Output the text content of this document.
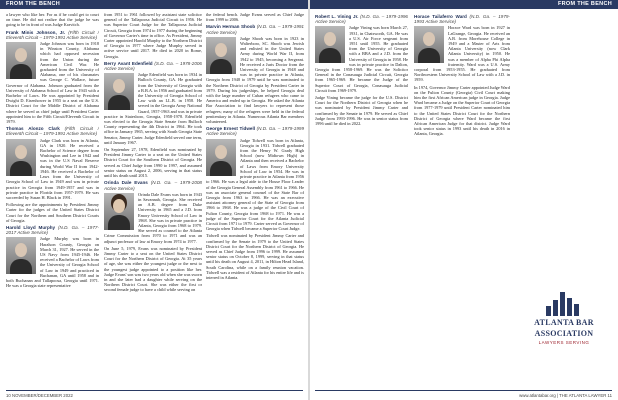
FROM THE BENCH	FROM THE BENCH

a lawyer who like her. For as if he could get to court on time. He did not realize that the judge he was going to be in front of was Judge Kravitch.

Frank Minis Johnson, Jr. (Fifth Circuit / Eleventh Circuit – 1979-1991 Active Service)

Judge Johnson was born in 1918 in Winston County, Alabama which had opposed secession from the Union during the American Civil War. He graduated from the University of Alabama, one of his classmates was George C. Wallace, future Governor of Alabama. Johnson graduated from the University of Alabama School of Law in 1943 with a Bachelor of Laws. He was appointed by President Dwight D. Eisenhower in 1955 to a seat on the U.S. District Court for the Middle District of Alabama where he served as chief judge until President Carter appointed him to the Fifth Circuit/Eleventh Circuit in 1979.

Thomas Alonzo Clark (Fifth Circuit / Eleventh Circuit – 1979-1991 Active Service)

Judge Clark was born in Atlanta, GA in 1920. He received a Bachelor of Science degree from Washington and Lee in 1942 and was in the U.S Naval Reserve during World War II from 1942-1946. He received a Bachelor of Laws from the University of Georgia School of Law in 1949 and was in private practice in Georgia from 1949-1957 and was in private practice in Florida from 1957-1979. He was succeeded by Susan H. Black in 1991.

Following are the appointments by President Jimmy Carter for the judges of the United States District Court for the Northern and Southern District Courts of Georgia.

Harold Lloyd Murphy (N.D. Ga. – 1977-2017 Active Service)

Judge Murphy was born in Haralson County, Georgia on March 31, 1927. He served in the US Navy from 1945-1946. He received a Bachelor of Laws from the University of Georgia School of Law in 1949 and practiced in Buchanan, GA until 1958 and in both Buchanan and Tallapoosa, Georgia until 1971. He was a Georgia state representative

from 1951 to 1961 followed by assistant state solicitor general of the Tallapoosa Judicial Circuit in 1956. He was Superior Court Judge for the Tallapoosa Judicial Circuit, Georgia from 1974 to 1977 during the beginning of Governor Carter's time in office. As President, Jimmy Carter appointed Harold Murphy to the Northern District of Georgia in 1977 where Judge Murphy served in active service until 2017. He died in 2020 in Rome, Georgia.

Berry Avant Edenfield (S.D. Ga. – 1978-2006 Active Service)

Judge Edenfield was born in 1934 in Bulloch County, GA. He graduated from the University of Georgia with a B.B.A. in 1956 and graduated from the University of Georgia School of Law with an LL.B. in 1958. He served in the Georgia Army National Guard, 1957-1963 and was in private practice in Statesboro, Georgia, 1958-1978. Edenfield was elected to the Georgia State Senate from Bulloch County representing the 4th District in 1964. He took office in January 1965, serving with South Georgia State Senator, Jimmy Carter. Judge Edenfield served one term, until January 1967.

On September 27, 1978, Edenfield was nominated by President Jimmy Carter to a seat on the United States District Court for the Southern District of Georgia. He served as Chief Judge from 1990 to 1997, and assumed senior status on August 2, 2006, serving in that status until his death until 2015.

Orinda Dale Evans (N.D. Ga. – 1979-2008 Active Service)

Orinda Dale Evans was born in 1943 in Savannah, Georgia. She received an A.B. degree from Duke University in 1965 and a J.D. from Emory University School of Law in 1968. She was in private practice in Atlanta, Georgia from 1968 to 1979. She served as counsel to the Atlanta Crime Commission from 1970 to 1971 and was an adjunct professor of law at Emory from 1974 to 1977.

On June 5, 1979, Evans was nominated by President Jimmy Carter to a seat on the United States District Court for the Northern District of Georgia. At 35 years of age, she was either the youngest judge or the next to the youngest judge appointed to a position like her. Judge Evans' son was two years old when she was sworn in and she later had a daughter while serving on the Northern District Court. She was either the first or second female judge to have a child while serving on

the federal bench. Judge Evans served as Chief Judge from 1999 to 2006.

Marvin Herman Shoob (N.D. Ga. – 1979-1991 Active Service)

Judge Shoob was born in 1923 in Walterboro, SC. Shoob was Jewish and enlisted in the United States Army during World War II, from 1942 to 1945, becoming a Sergeant. He received a Juris Doctor from the University of Georgia in 1948 and was in private practice in Atlanta, Georgia from 1948 to 1979 until he was nominated to the Northern District of Georgia by President Carter in 1979. During his judgeships, he helped Georgia deal with the large number of Cuban refugees who came to America and ended up in Georgia. He asked the Atlanta Bar Association to find lawyers to represent those refugees; many of the refugees were held in the federal penitentiary in Atlanta. Numerous Atlanta Bar members volunteered.

George Ernest Tidwell (N.D. Ga. – 1979-1999 Active Service)

Judge Tidwell was born in Atlanta, Georgia in 1931. Tidwell graduated from the Henry W. Grady High School (now Midtown High) in Atlanta and then received a Bachelor of Laws from Emory University School of Law in 1954. He was in private practice in Atlanta from 1956 to 1966. He was a legal aide to the House Floor Leader of the Georgia General Assembly from 1961 to 1966. He was an associate general counsel of the State Bar of Georgia from 1963 to 1966. He was an executive assistant attorney general of the State of Georgia from 1966 to 1968. He was a judge of the Civil Court of Fulton County, Georgia from 1968 to 1971. He was a judge of the Superior Court for the Atlanta Judicial Circuit from 1971 to 1979. Carter served as Governor of Georgia when Tidwell became a Superior Court Judge.

Tidwell was nominated by President Jimmy Carter and confirmed by the Senate in 1979 to the United States District Court for the Northern District of Georgia. He served as Chief Judge from 1996 to 1999. He assumed senior status on October 8, 1999, serving in that status until his death on August 4, 2011, in Hilton Head Island, South Carolina, while on a family reunion vacation. Tidwell was a resident of Atlanta for his entire life and is interred in Atlanta.

Robert L. Vining Jr. (N.D. Ga. – 1979-1996 Active Service)

Judge Vining was born March 27, 1931, in Chatsworth, GA. He was a U.S. Air Force sergeant from 1951 until 1955. He graduated from the University of Georgia with a BBA and a J.D. from the University of Georgia in 1958. He was in private practice in Dalton, Georgia from 1958-1969. He was the Solicitor General in the Conasauga Judicial Circuit, Georgia from 1965-1969. He became the Judge of the Superior Court of Georgia, Conasauga Judicial Circuit from 1969-1979.

Judge Vining became the judge for the U.S. District Court for the Northern District of Georgia when he was nominated by President Jimmy Carter and confirmed by the Senate in 1979. He served as Chief Judge from 1993-1996. He was in senior status from 1996 until he died in 2022.

Horace Tailaferro Ward (N.D. Ga. – 1979-1993 Active Service)

Horace Ward was born in 1927 in LaGrange, Georgia. He received an A.B. from Morehouse College in 1949 and a Master of Arts from Atlanta University (now Clark Atlanta University) in 1950. He was a member of Alpha Phi Alpha fraternity. Ward was a U.S. Army corporal from 1953-1955. He graduated from Northwestern University School of Law with a J.D. in 1959.

In 1974, Governor Jimmy Carter appointed Judge Ward on the Fulton County (Georgia) Civil Court making him the first African American judge in Georgia. Judge Ward became a Judge on the Superior Court of Georgia from 1977-1979 until President Carter nominated him to the United States District Court for the Northern District of Georgia where Ward became the first African American Judge for that district. Judge Ward took senior status in 1993 until his death in 2016 in Atlanta, Georgia.

ATLANTA BAR
ASSOCIATION
LAWYERS SERVING
10 NOVEMBER/DECEMBER 2022	www.atlantabar.org | THE ATLANTA LAWYER 11
